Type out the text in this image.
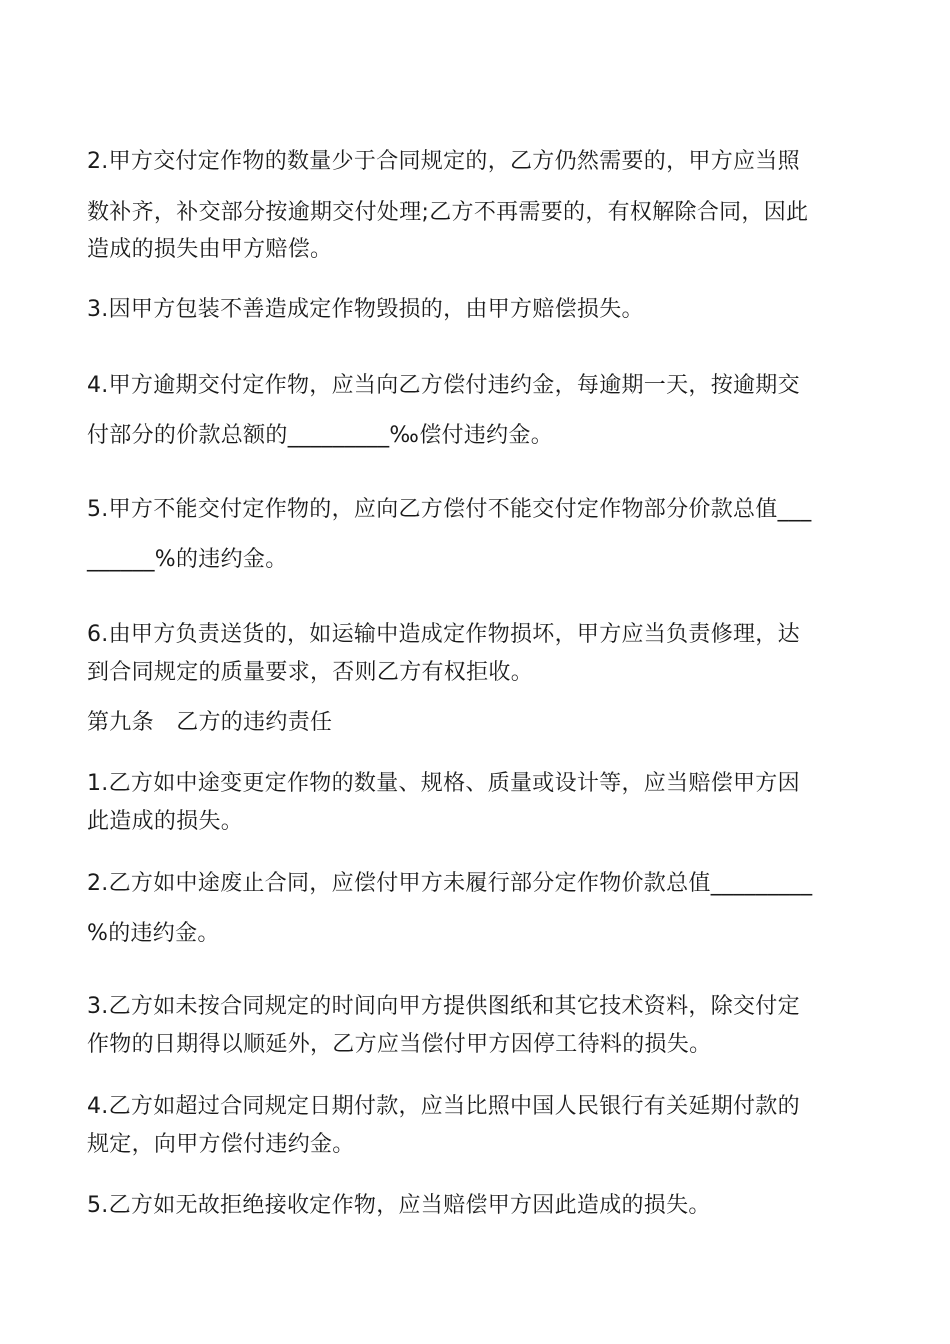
2.甲方交付定作物的数量少于合同规定的，乙方仍然需要的，甲方应当照
数补齐，补交部分按逾期交付处理;乙方不再需要的，有权解除合同，因此
造成的损失由甲方赔偿。
3.因甲方包装不善造成定作物毁损的，由甲方赔偿损失。
4.甲方逾期交付定作物，应当向乙方偿付违约金，每逾期一天，按逾期交
付部分的价款总额的_________‰偿付违约金。
5.甲方不能交付定作物的，应向乙方偿付不能交付定作物部分价款总值___
______%的违约金。
6.由甲方负责送货的，如运输中造成定作物损坏，甲方应当负责修理，达
到合同规定的质量要求，否则乙方有权拒收。
第九条　乙方的违约责任
1.乙方如中途变更定作物的数量、规格、质量或设计等，应当赔偿甲方因
此造成的损失。
2.乙方如中途废止合同，应偿付甲方未履行部分定作物价款总值_________
%的违约金。
3.乙方如未按合同规定的时间向甲方提供图纸和其它技术资料，除交付定
作物的日期得以顺延外，乙方应当偿付甲方因停工待料的损失。
4.乙方如超过合同规定日期付款，应当比照中国人民银行有关延期付款的
规定，向甲方偿付违约金。
5.乙方如无故拒绝接收定作物，应当赔偿甲方因此造成的损失。
